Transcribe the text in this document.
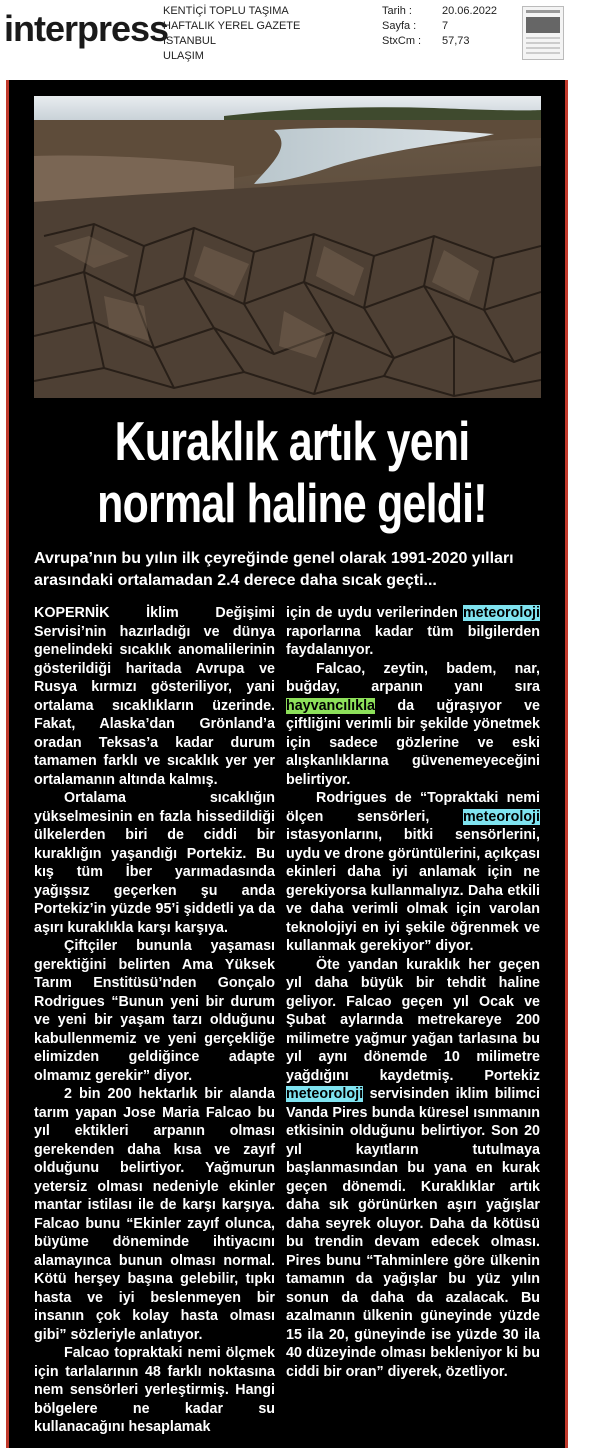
interpress
KENTİÇİ TOPLU TAŞIMA
HAFTALIK YEREL GAZETE
İSTANBUL
ULAŞIM
Tarih :	20.06.2022
Sayfa :	7
StxCm :	57,73
Kuraklık artık yeni
normal haline geldi!
Avrupa’nın bu yılın ilk çeyreğinde genel olarak 1991-2020 yılları arasındaki ortalamadan 2.4 derece daha sıcak geçti...

KOPERNİK İklim Değişimi Servisi’nin hazırladığı ve dünya genelindeki sıcaklık anomalilerinin gösterildiği haritada Avrupa ve Rusya kırmızı gösteriliyor, yani ortalama sıcaklıkların üzerinde. Fakat, Alaska’dan Grönland’a oradan Teksas’a kadar durum tamamen farklı ve sıcaklık yer yer ortalamanın altında kalmış.

Ortalama sıcaklığın yükselmesinin en fazla hissedildiği ülkelerden biri de ciddi bir kuraklığın yaşandığı Portekiz. Bu kış tüm İber yarımadasında yağışsız geçerken şu anda Portekiz’in yüzde 95’i şiddetli ya da aşırı kuraklıkla karşı karşıya.

Çiftçiler bununla yaşaması gerektiğini belirten Ama Yüksek Tarım Enstitüsü’nden Gonçalo Rodrigues “Bunun yeni bir durum ve yeni bir yaşam tarzı olduğunu kabullenmemiz ve yeni gerçekliğe elimizden geldiğince adapte olmamız gerekir” diyor.

2 bin 200 hektarlık bir alanda tarım yapan Jose Maria Falcao bu yıl ektikleri arpanın olması gerekenden daha kısa ve zayıf olduğunu belirtiyor. Yağmurun yetersiz olması nedeniyle ekinler mantar istilası ile de karşı karşıya. Falcao bunu “Ekinler zayıf olunca, büyüme döneminde ihtiyacını alamayınca bunun olması normal. Kötü herşey başına gelebilir, tıpkı hasta ve iyi beslenmeyen bir insanın çok kolay hasta olması gibi” sözleriyle anlatıyor.

Falcao topraktaki nemi ölçmek için tarlalarının 48 farklı noktasına nem sensörleri yerleştirmiş. Hangi bölgelere ne kadar su kullanacağını hesaplamak

için de uydu verilerinden meteoroloji raporlarına kadar tüm bilgilerden faydalanıyor.

Falcao, zeytin, badem, nar, buğday, arpanın yanı sıra hayvancılıkla da uğraşıyor ve çiftliğini verimli bir şekilde yönetmek için sadece gözlerine ve eski alışkanlıklarına güvenemeyeceğini belirtiyor.

Rodrigues de “Topraktaki nemi ölçen sensörleri, meteoroloji istasyonlarını, bitki sensörlerini, uydu ve drone görüntülerini, açıkçası ekinleri daha iyi anlamak için ne gerekiyorsa kullanmalıyız. Daha etkili ve daha verimli olmak için varolan teknolojiyi en iyi şekile öğrenmek ve kullanmak gerekiyor” diyor.

Öte yandan kuraklık her geçen yıl daha büyük bir tehdit haline geliyor. Falcao geçen yıl Ocak ve Şubat aylarında metrekareye 200 milimetre yağmur yağan tarlasına bu yıl aynı dönemde 10 milimetre yağdığını kaydetmiş. Portekiz meteoroloji servisinden iklim bilimci Vanda Pires bunda küresel ısınmanın etkisinin olduğunu belirtiyor. Son 20 yıl kayıtların tutulmaya başlanmasından bu yana en kurak geçen dönemdi. Kuraklıklar artık daha sık görünürken aşırı yağışlar daha seyrek oluyor. Daha da kötüsü bu trendin devam edecek olması. Pires bunu “Tahminlere göre ülkenin tamamın da yağışlar bu yüz yılın sonun da daha da azalacak. Bu azalmanın ülkenin güneyinde yüzde 15 ila 20, güneyinde ise yüzde 30 ila 40 düzeyinde olması bekleniyor ki bu ciddi bir oran” diyerek, özetliyor.
